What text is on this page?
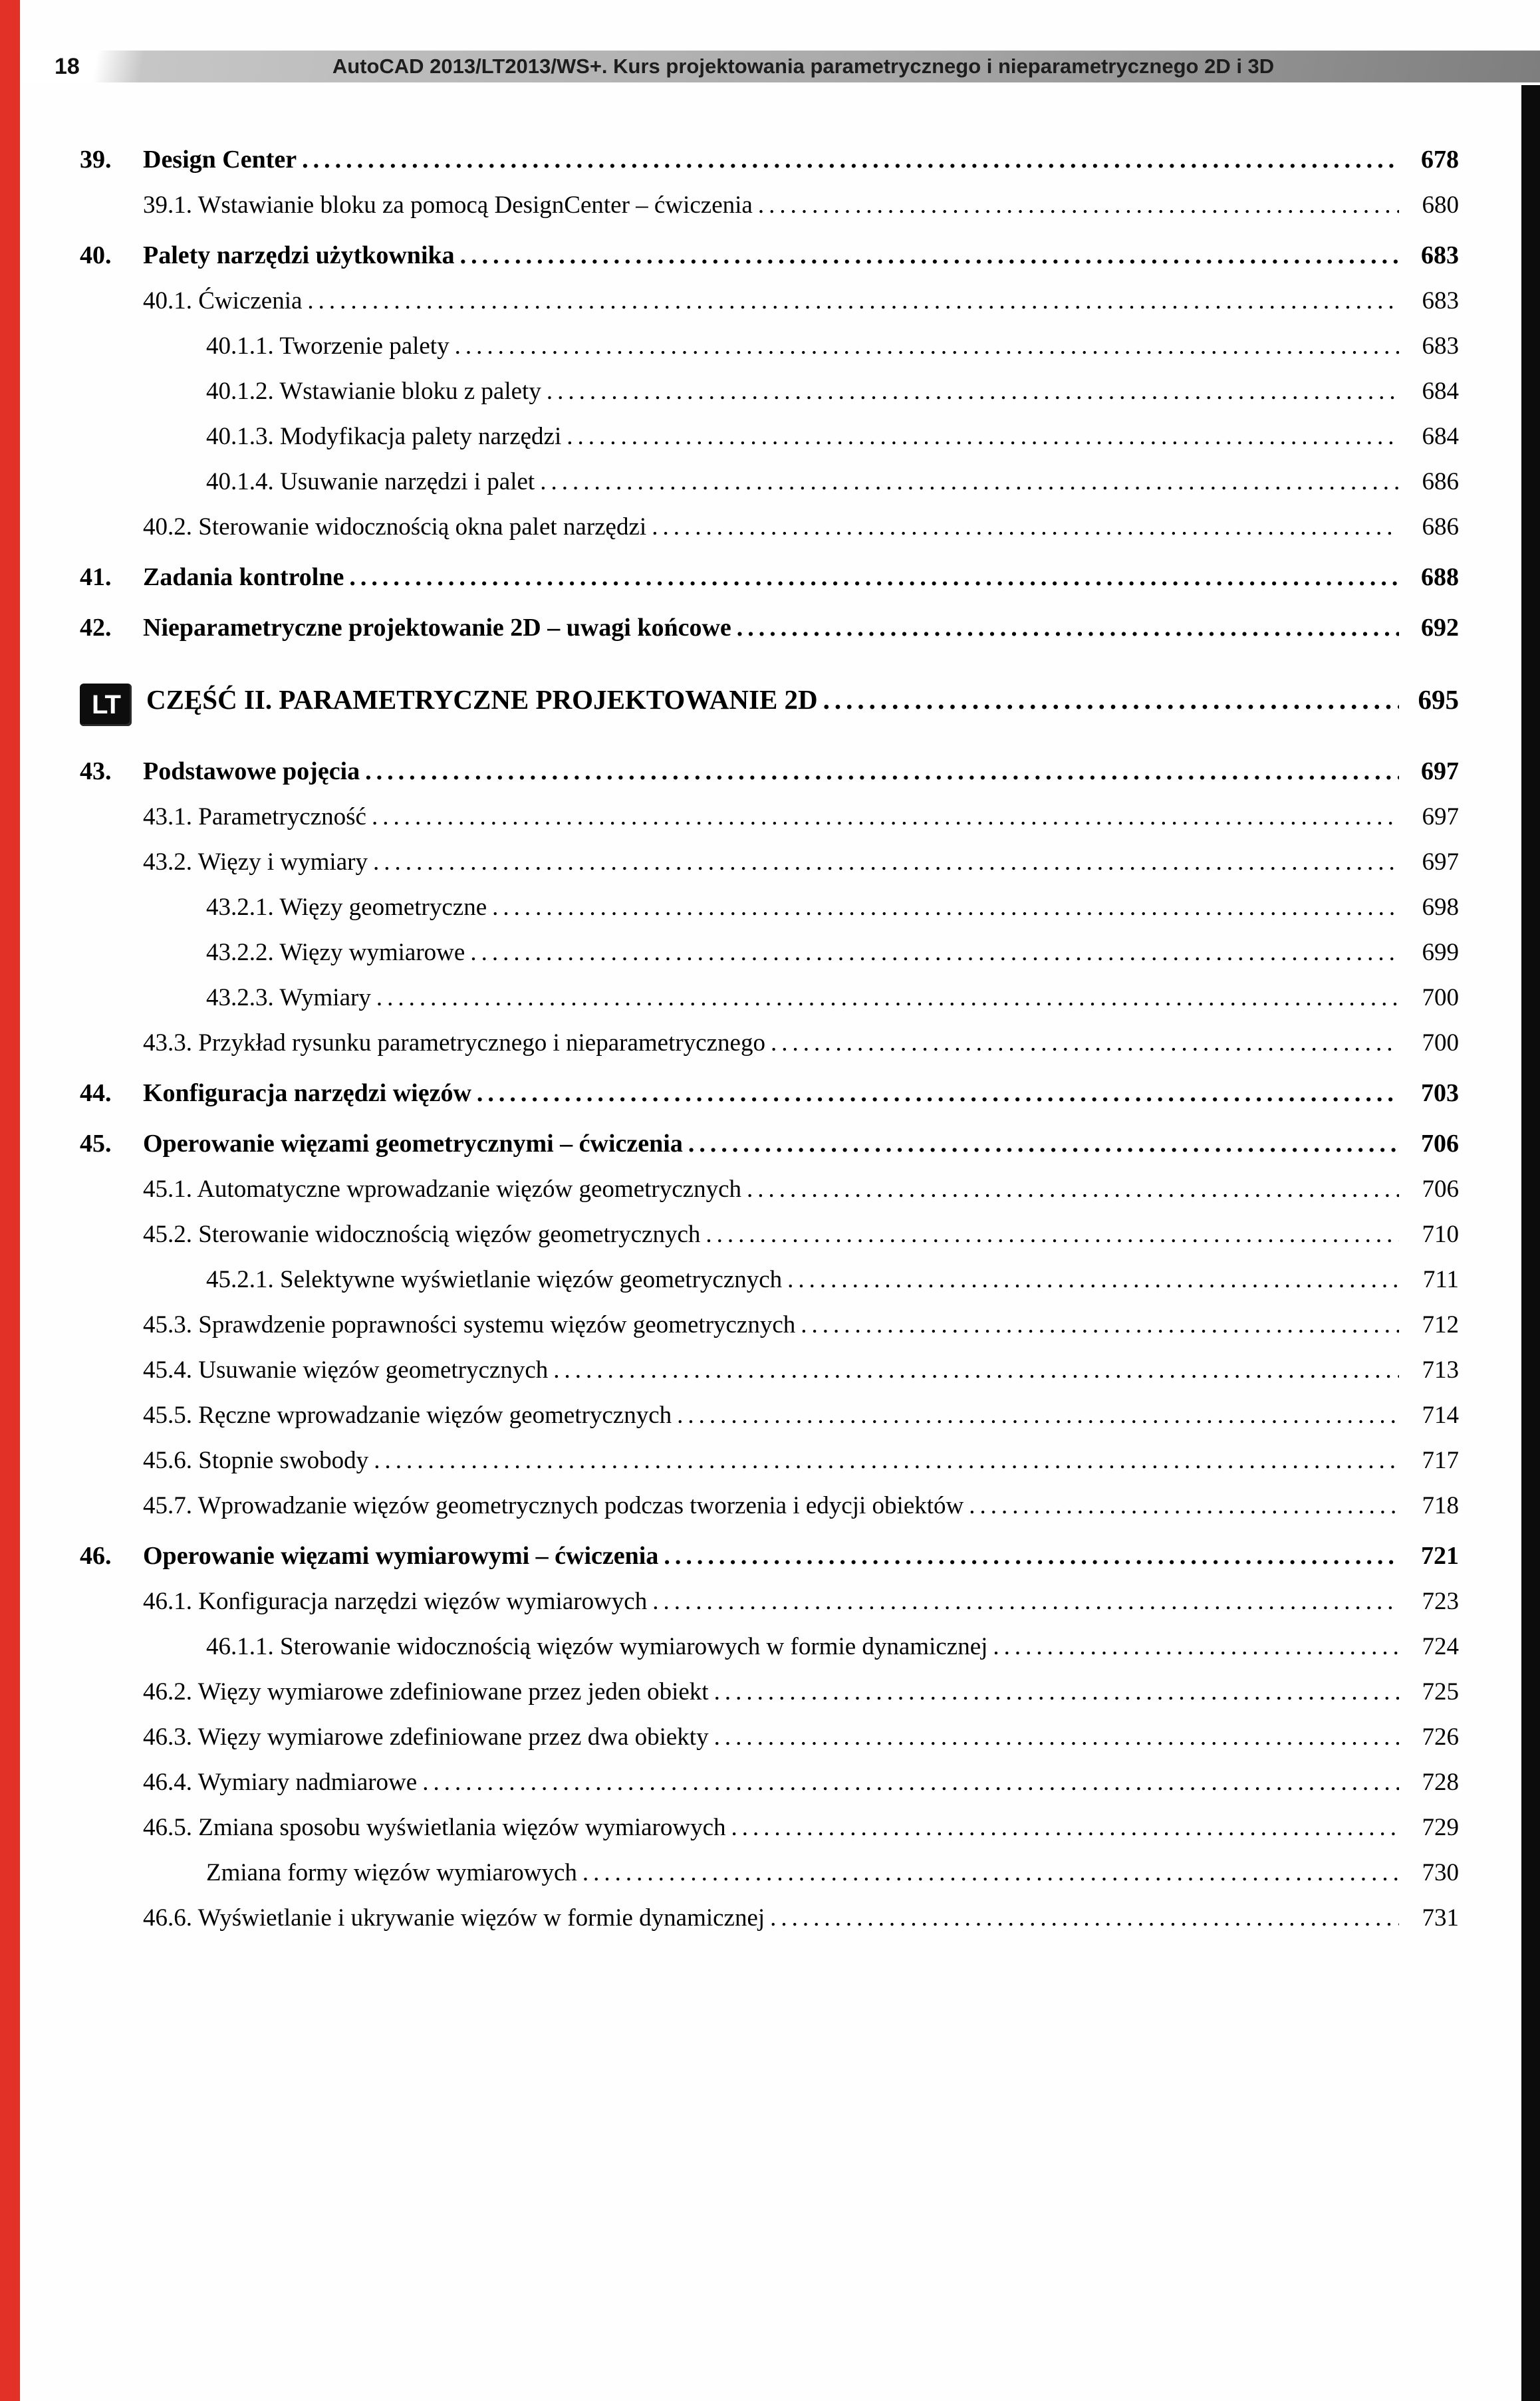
18	AutoCAD 2013/LT2013/WS+. Kurs projektowania parametrycznego i nieparametrycznego 2D i 3D
39.	Design Center .....	678
39.1. Wstawianie bloku za pomocą DesignCenter – ćwiczenia .....	680
40.	Palety narzędzi użytkownika .....	683
40.1. Ćwiczenia .....	683
40.1.1. Tworzenie palety .....	683
40.1.2. Wstawianie bloku z palety .....	684
40.1.3. Modyfikacja palety narzędzi .....	684
40.1.4. Usuwanie narzędzi i palet .....	686
40.2. Sterowanie widocznością okna palet narzędzi .....	686
41.	Zadania kontrolne .....	688
42.	Nieparametryczne projektowanie 2D – uwagi końcowe .....	692
LT CZĘŚĆ II. PARAMETRYCZNE PROJEKTOWANIE 2D .....	695
43.	Podstawowe pojęcia .....	697
43.1. Parametryczność .....	697
43.2. Więzy i wymiary .....	697
43.2.1. Więzy geometryczne .....	698
43.2.2. Więzy wymiarowe .....	699
43.2.3. Wymiary .....	700
43.3. Przykład rysunku parametrycznego i nieparametrycznego .....	700
44.	Konfiguracja narzędzi więzów .....	703
45.	Operowanie więzami geometrycznymi – ćwiczenia .....	706
45.1. Automatyczne wprowadzanie więzów geometrycznych .....	706
45.2. Sterowanie widocznością więzów geometrycznych .....	710
45.2.1. Selektywne wyświetlanie więzów geometrycznych .....	711
45.3. Sprawdzenie poprawności systemu więzów geometrycznych .....	712
45.4. Usuwanie więzów geometrycznych .....	713
45.5. Ręczne wprowadzanie więzów geometrycznych .....	714
45.6. Stopnie swobody .....	717
45.7. Wprowadzanie więzów geometrycznych podczas tworzenia i edycji obiektów .....	718
46.	Operowanie więzami wymiarowymi – ćwiczenia .....	721
46.1. Konfiguracja narzędzi więzów wymiarowych .....	723
46.1.1. Sterowanie widocznością więzów wymiarowych w formie dynamicznej .....	724
46.2. Więzy wymiarowe zdefiniowane przez jeden obiekt .....	725
46.3. Więzy wymiarowe zdefiniowane przez dwa obiekty .....	726
46.4. Wymiary nadmiarowe .....	728
46.5. Zmiana sposobu wyświetlania więzów wymiarowych .....	729
Zmiana formy więzów wymiarowych .....	730
46.6. Wyświetlanie i ukrywanie więzów w formie dynamicznej .....	731
